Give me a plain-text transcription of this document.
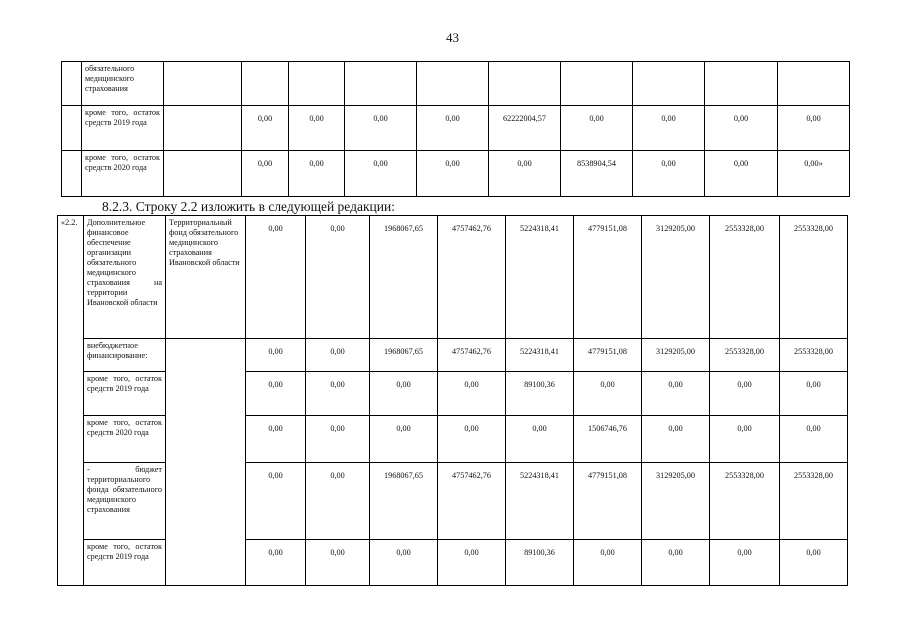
43
	обязательного медицинского страхования										
	кроме того, остаток средств 2019 года		0,00	0,00	0,00	0,00	62222004,57	0,00	0,00	0,00	0,00
	кроме того, остаток средств 2020 года		0,00	0,00	0,00	0,00	0,00	8538904,54	0,00	0,00	0,00»
8.2.3. Строку 2.2 изложить в следующей редакции:
«2.2.	Дополнительное финансовое обеспечение организации обязательного медицинского страхования на территории Ивановской области	Территориальный фонд обязательного медицинского страхования Ивановской области	0,00	0,00	1968067,65	4757462,76	5224318,41	4779151,08	3129205,00	2553328,00	2553328,00
	внебюджетное финансирование:		0,00	0,00	1968067,65	4757462,76	5224318,41	4779151,08	3129205,00	2553328,00	2553328,00
	кроме того, остаток средств 2019 года		0,00	0,00	0,00	0,00	89100,36	0,00	0,00	0,00	0,00
	кроме того, остаток средств 2020 года		0,00	0,00	0,00	0,00	0,00	1506746,76	0,00	0,00	0,00
	- бюджет территориального фонда обязательного медицинского страхования		0,00	0,00	1968067,65	4757462,76	5224318,41	4779151,08	3129205,00	2553328,00	2553328,00
	кроме того, остаток средств 2019 года		0,00	0,00	0,00	0,00	89100,36	0,00	0,00	0,00	0,00
